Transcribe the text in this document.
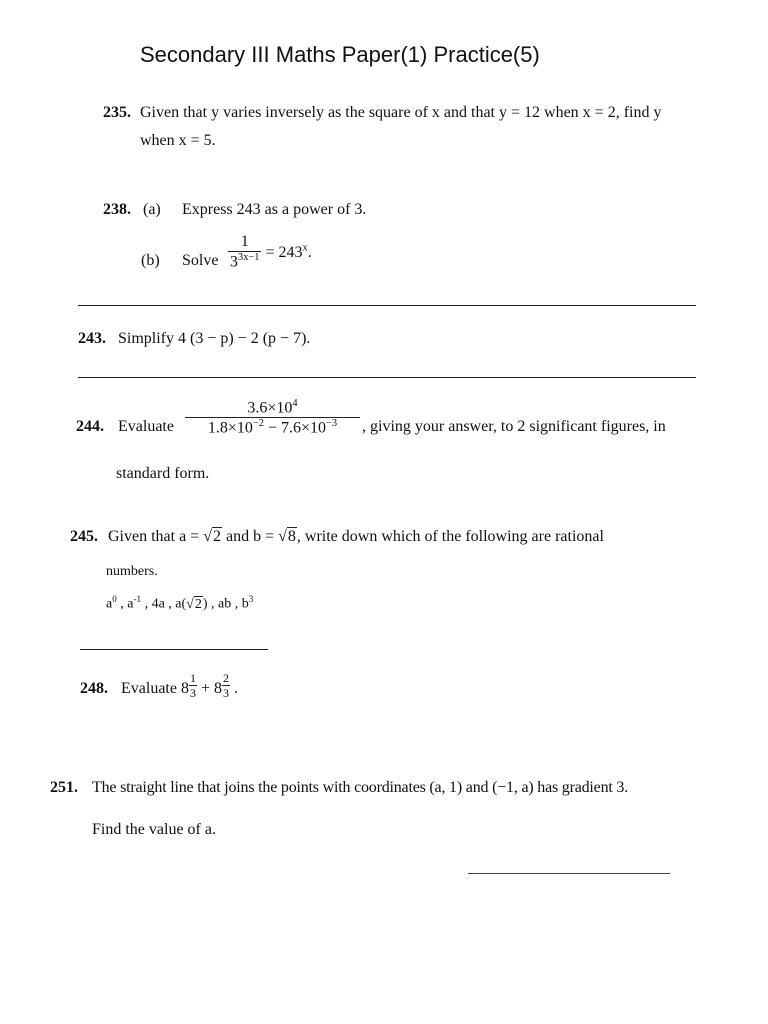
Secondary III Maths Paper(1) Practice(5)
235. Given that y varies inversely as the square of x and that y = 12 when x = 2, find y
when x = 5.
238. (a) Express 243 as a power of 3.
(b) Solve $\frac{1}{3^{3x-1}} = 243^x$.
243. Simplify 4 (3 − p) − 2 (p − 7).
244. Evaluate $\frac{3.6\times 10^4}{1.8\times 10^{-2} - 7.6\times 10^{-3}}$ , giving your answer, to 2 significant figures, in
standard form.
245. Given that a = √2 and b = √8, write down which of the following are rational
numbers.
$a^0$ , $a^{-1}$ , 4a , a(√2) , ab , $b^3$
248. Evaluate $8 \frac{1}{3} + 8 \frac{2}{3}$ .
251. The straight line that joins the points with coordinates (a, 1) and (−1, a) has gradient 3.
Find the value of a.
